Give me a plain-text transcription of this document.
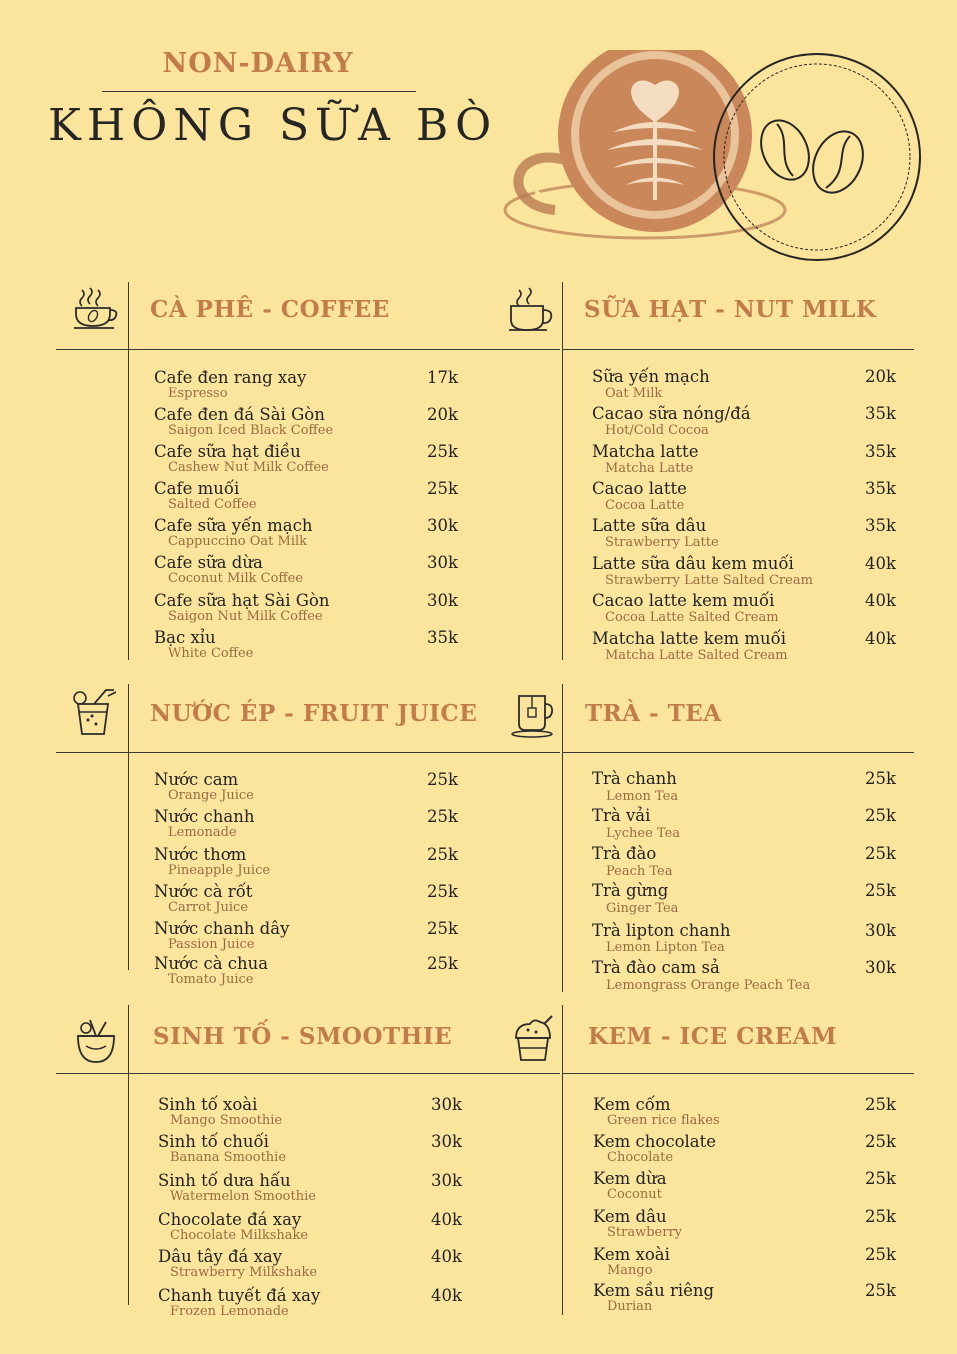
NON-DAIRY
KHÔNG SỮA BÒ
CÀ PHÊ - COFFEE
Cafe đen rang xay
Espresso
17k
Cafe đen đá Sài Gòn
Saigon Iced Black Coffee
20k
Cafe sữa hạt điều
Cashew Nut Milk Coffee
25k
Cafe muối
Salted Coffee
25k
Cafe sữa yến mạch
Cappuccino Oat Milk
30k
Cafe sữa dừa
Coconut Milk Coffee
30k
Cafe sữa hạt Sài Gòn
Saigon Nut Milk Coffee
30k
Bạc xỉu
White Coffee
35k
SỮA HẠT - NUT MILK
Sữa yến mạch
Oat Milk
20k
Cacao sữa nóng/đá
Hot/Cold Cocoa
35k
Matcha latte
Matcha Latte
35k
Cacao latte
Cocoa Latte
35k
Latte sữa dâu
Strawberry Latte
35k
Latte sữa dâu kem muối
Strawberry Latte Salted Cream
40k
Cacao latte kem muối
Cocoa Latte Salted Cream
40k
Matcha latte kem muối
Matcha Latte Salted Cream
40k
NƯỚC ÉP - FRUIT JUICE
Nước cam
Orange Juice
25k
Nước chanh
Lemonade
25k
Nước thơm
Pineapple Juice
25k
Nước cà rốt
Carrot Juice
25k
Nước chanh dây
Passion Juice
25k
Nước cà chua
Tomato Juice
25k
TRÀ - TEA
Trà chanh
Lemon Tea
25k
Trà vải
Lychee Tea
25k
Trà đào
Peach Tea
25k
Trà gừng
Ginger Tea
25k
Trà lipton chanh
Lemon Lipton Tea
30k
Trà đào cam sả
Lemongrass Orange Peach Tea
30k
SINH TỐ - SMOOTHIE
Sinh tố xoài
Mango Smoothie
30k
Sinh tố chuối
Banana Smoothie
30k
Sinh tố dưa hấu
Watermelon Smoothie
30k
Chocolate đá xay
Chocolate Milkshake
40k
Dâu tây đá xay
Strawberry Milkshake
40k
Chanh tuyết đá xay
Frozen Lemonade
40k
KEM - ICE CREAM
Kem cốm
Green rice flakes
25k
Kem chocolate
Chocolate
25k
Kem dừa
Coconut
25k
Kem dâu
Strawberry
25k
Kem xoài
Mango
25k
Kem sầu riêng
Durian
25k
